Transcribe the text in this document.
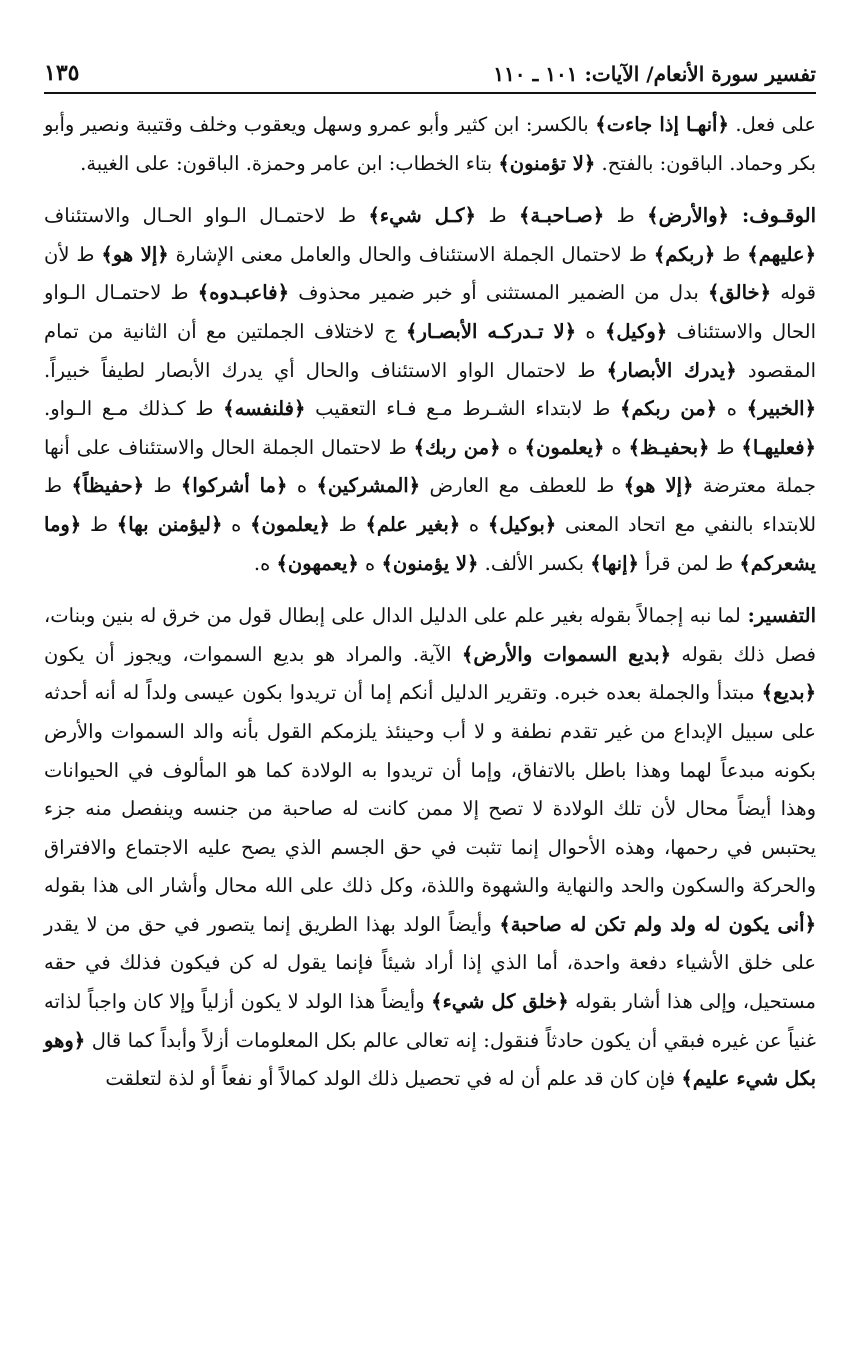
تفسير سورة الأنعام/ الآيات: ١٠١ ـ ١١٠
١٣٥

على فعل. ﴿أنهـا إذا جاءت﴾ بالكسر: ابن كثير وأبو عمرو وسهل ويعقوب وخلف وقتيبة ونصير وأبو بكر وحماد. الباقون: بالفتح. ﴿لا تؤمنون﴾ بتاء الخطاب: ابن عامر وحمزة. الباقون: على الغيبة.

الوقـوف: ﴿والأرض﴾ ط ﴿صـاحبـة﴾ ط ﴿كـل شيء﴾ ط لاحتمـال الـواو الحـال والاستئناف ﴿عليهم﴾ ط ﴿ربكم﴾ ط لاحتمال الجملة الاستئناف والحال والعامل معنى الإشارة ﴿إلا هو﴾ ط لأن قوله ﴿خالق﴾ بدل من الضمير المستثنى أو خبر ضمير محذوف ﴿فاعبـدوه﴾ ط لاحتمـال الـواو الحال والاستئناف ﴿وكيل﴾ ه ﴿لا تـدركـه الأبصـار﴾ ج لاختلاف الجملتين مع أن الثانية من تمام المقصود ﴿يدرك الأبصار﴾ ط لاحتمال الواو الاستئناف والحال أي يدرك الأبصار لطيفاً خبيراً. ﴿الخبير﴾ ه ﴿من ربكم﴾ ط لابتداء الشـرط مـع فـاء التعقيب ﴿فلنفسه﴾ ط كـذلك مـع الـواو. ﴿فعليهـا﴾ ط ﴿بحفيـظ﴾ ه ﴿يعلمون﴾ ه ﴿من ربك﴾ ط لاحتمال الجملة الحال والاستئناف على أنها جملة معترضة ﴿إلا هو﴾ ط للعطف مع العارض ﴿المشركين﴾ ه ﴿ما أشركوا﴾ ط ﴿حفيظاً﴾ ط للابتداء بالنفي مع اتحاد المعنى ﴿بوكيل﴾ ه ﴿بغير علم﴾ ط ﴿يعلمون﴾ ه ﴿ليؤمنن بها﴾ ط ﴿وما يشعركم﴾ ط لمن قرأ ﴿إنها﴾ بكسر الألف. ﴿لا يؤمنون﴾ ه ﴿يعمهون﴾ ه.

التفسير: لما نبه إجمالاً بقوله بغير علم على الدليل الدال على إبطال قول من خرق له بنين وبنات، فصل ذلك بقوله ﴿بديع السموات والأرض﴾ الآية. والمراد هو بديع السموات، ويجوز أن يكون ﴿بديع﴾ مبتدأ والجملة بعده خبره. وتقرير الدليل أنكم إما أن تريدوا بكون عيسى ولداً له أنه أحدثه على سبيل الإبداع من غير تقدم نطفة و لا أب وحينئذ يلزمكم القول بأنه والد السموات والأرض بكونه مبدعاً لهما وهذا باطل بالاتفاق، وإما أن تريدوا به الولادة كما هو المألوف في الحيوانات وهذا أيضاً محال لأن تلك الولادة لا تصح إلا ممن كانت له صاحبة من جنسه وينفصل منه جزء يحتبس في رحمها، وهذه الأحوال إنما تثبت في حق الجسم الذي يصح عليه الاجتماع والافتراق والحركة والسكون والحد والنهاية والشهوة واللذة، وكل ذلك على الله محال وأشار الى هذا بقوله ﴿أنى يكون له ولد ولم تكن له صاحبة﴾ وأيضاً الولد بهذا الطريق إنما يتصور في حق من لا يقدر على خلق الأشياء دفعة واحدة، أما الذي إذا أراد شيئاً فإنما يقول له كن فيكون فذلك في حقه مستحيل، وإلى هذا أشار بقوله ﴿خلق كل شيء﴾ وأيضاً هذا الولد لا يكون أزلياً وإلا كان واجباً لذاته غنياً عن غيره فبقي أن يكون حادثاً فنقول: إنه تعالى عالم بكل المعلومات أزلاً وأبداً كما قال ﴿وهو بكل شيء عليم﴾ فإن كان قد علم أن له في تحصيل ذلك الولد كمالاً أو نفعاً أو لذة لتعلقت
